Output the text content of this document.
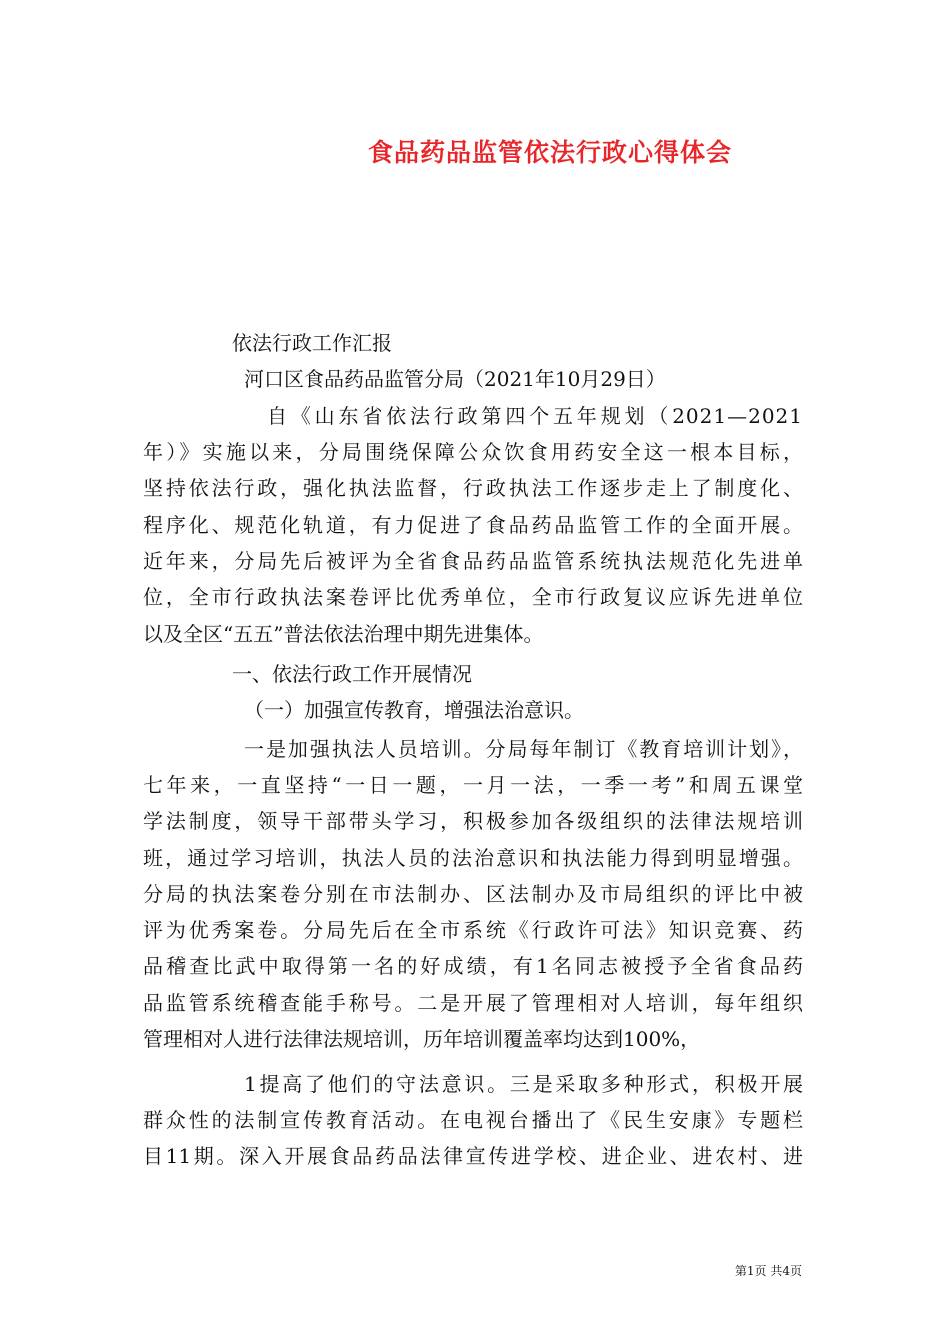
食品药品监管依法行政心得体会
依法行政工作汇报
河口区食品药品监管分局（2021年10月29日）
自《山东省依法行政第四个五年规划（2021—2021
年）》实施以来，分局围绕保障公众饮食用药安全这一根本目标，
坚持依法行政，强化执法监督，行政执法工作逐步走上了制度化、
程序化、规范化轨道，有力促进了食品药品监管工作的全面开展。
近年来，分局先后被评为全省食品药品监管系统执法规范化先进单
位，全市行政执法案卷评比优秀单位，全市行政复议应诉先进单位
以及全区“五五”普法依法治理中期先进集体。
一、依法行政工作开展情况
（一）加强宣传教育，增强法治意识。
一是加强执法人员培训。分局每年制订《教育培训计划》，
七年来，一直坚持“一日一题，一月一法，一季一考”和周五课堂
学法制度，领导干部带头学习，积极参加各级组织的法律法规培训
班，通过学习培训，执法人员的法治意识和执法能力得到明显增强。
分局的执法案卷分别在市法制办、区法制办及市局组织的评比中被
评为优秀案卷。分局先后在全市系统《行政许可法》知识竞赛、药
品稽查比武中取得第一名的好成绩，有1名同志被授予全省食品药
品监管系统稽查能手称号。二是开展了管理相对人培训，每年组织
管理相对人进行法律法规培训，历年培训覆盖率均达到100%，
1提高了他们的守法意识。三是采取多种形式，积极开展
群众性的法制宣传教育活动。在电视台播出了《民生安康》专题栏
目11期。深入开展食品药品法律宣传进学校、进企业、进农村、进
第1页 共4页
